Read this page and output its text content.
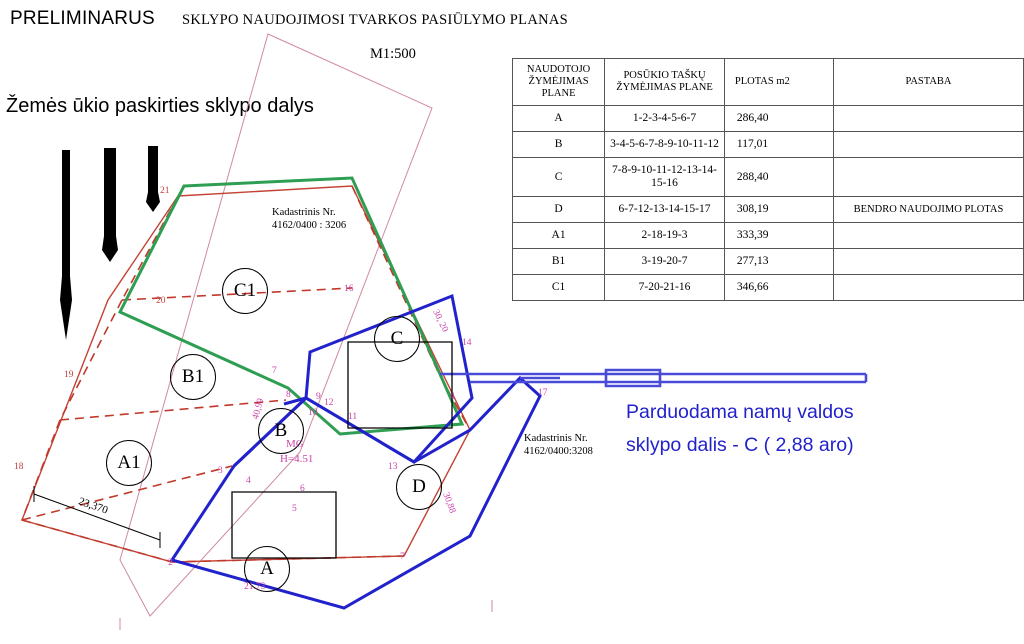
PRELIMINARUS SKLYPO NAUDOJIMOSI TVARKOS PASIŪLYMO PLANAS
M1:500
Žemės ūkio paskirties sklypo dalys
Kadastrinis Nr.
4162/0400 : 3206
Kadastrinis Nr.
4162/0400:3208
C1
B1
A1
A
B
C
D
MG
H=4.51
23,370
21.73
40,99
30,88
30, 20
18
19
21
20
2
3
4
5
6
7
7
8	9
10	11
12
13
14
4
16
17
Parduodama namų valdos
sklypo dalis - C ( 2,88 aro)
NAUDOTOJO ŽYMĖJIMAS PLANE	POSŪKIO TAŠKŲ ŽYMĖJIMAS PLANE	PLOTAS m2	PASTABA
A	1-2-3-4-5-6-7	286,40	
B	3-4-5-6-7-8-9-10-11-12	117,01	
C	7-8-9-10-11-12-13-14-15-16	288,40	
D	6-7-12-13-14-15-17	308,19	BENDRO NAUDOJIMO PLOTAS
A1	2-18-19-3	333,39	
B1	3-19-20-7	277,13	
C1	7-20-21-16	346,66	
